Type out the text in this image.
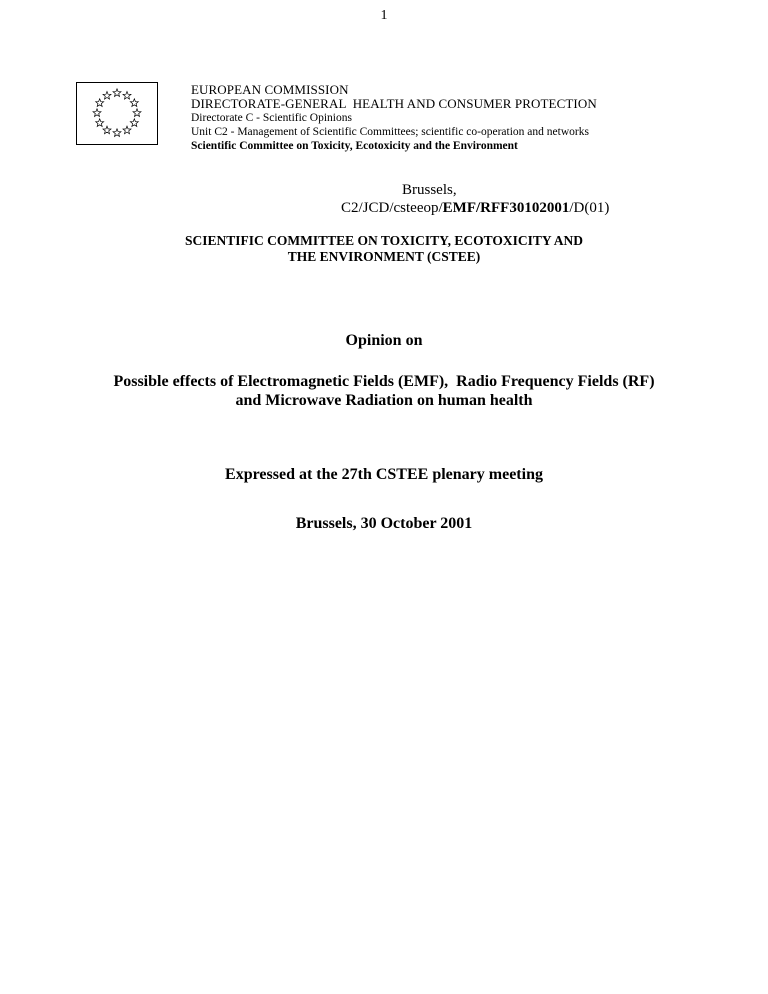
1
EUROPEAN COMMISSION
DIRECTORATE-GENERAL  HEALTH AND CONSUMER PROTECTION
Directorate C - Scientific Opinions
Unit C2 - Management of Scientific Committees; scientific co-operation and networks
Scientific Committee on Toxicity, Ecotoxicity and the Environment
Brussels,
C2/JCD/csteeop/EMF/RFF30102001/D(01)
SCIENTIFIC COMMITTEE ON TOXICITY, ECOTOXICITY AND
THE ENVIRONMENT (CSTEE)
Opinion on
Possible effects of Electromagnetic Fields (EMF),  Radio Frequency Fields (RF)
and Microwave Radiation on human health
Expressed at the 27th CSTEE plenary meeting
Brussels, 30 October 2001
